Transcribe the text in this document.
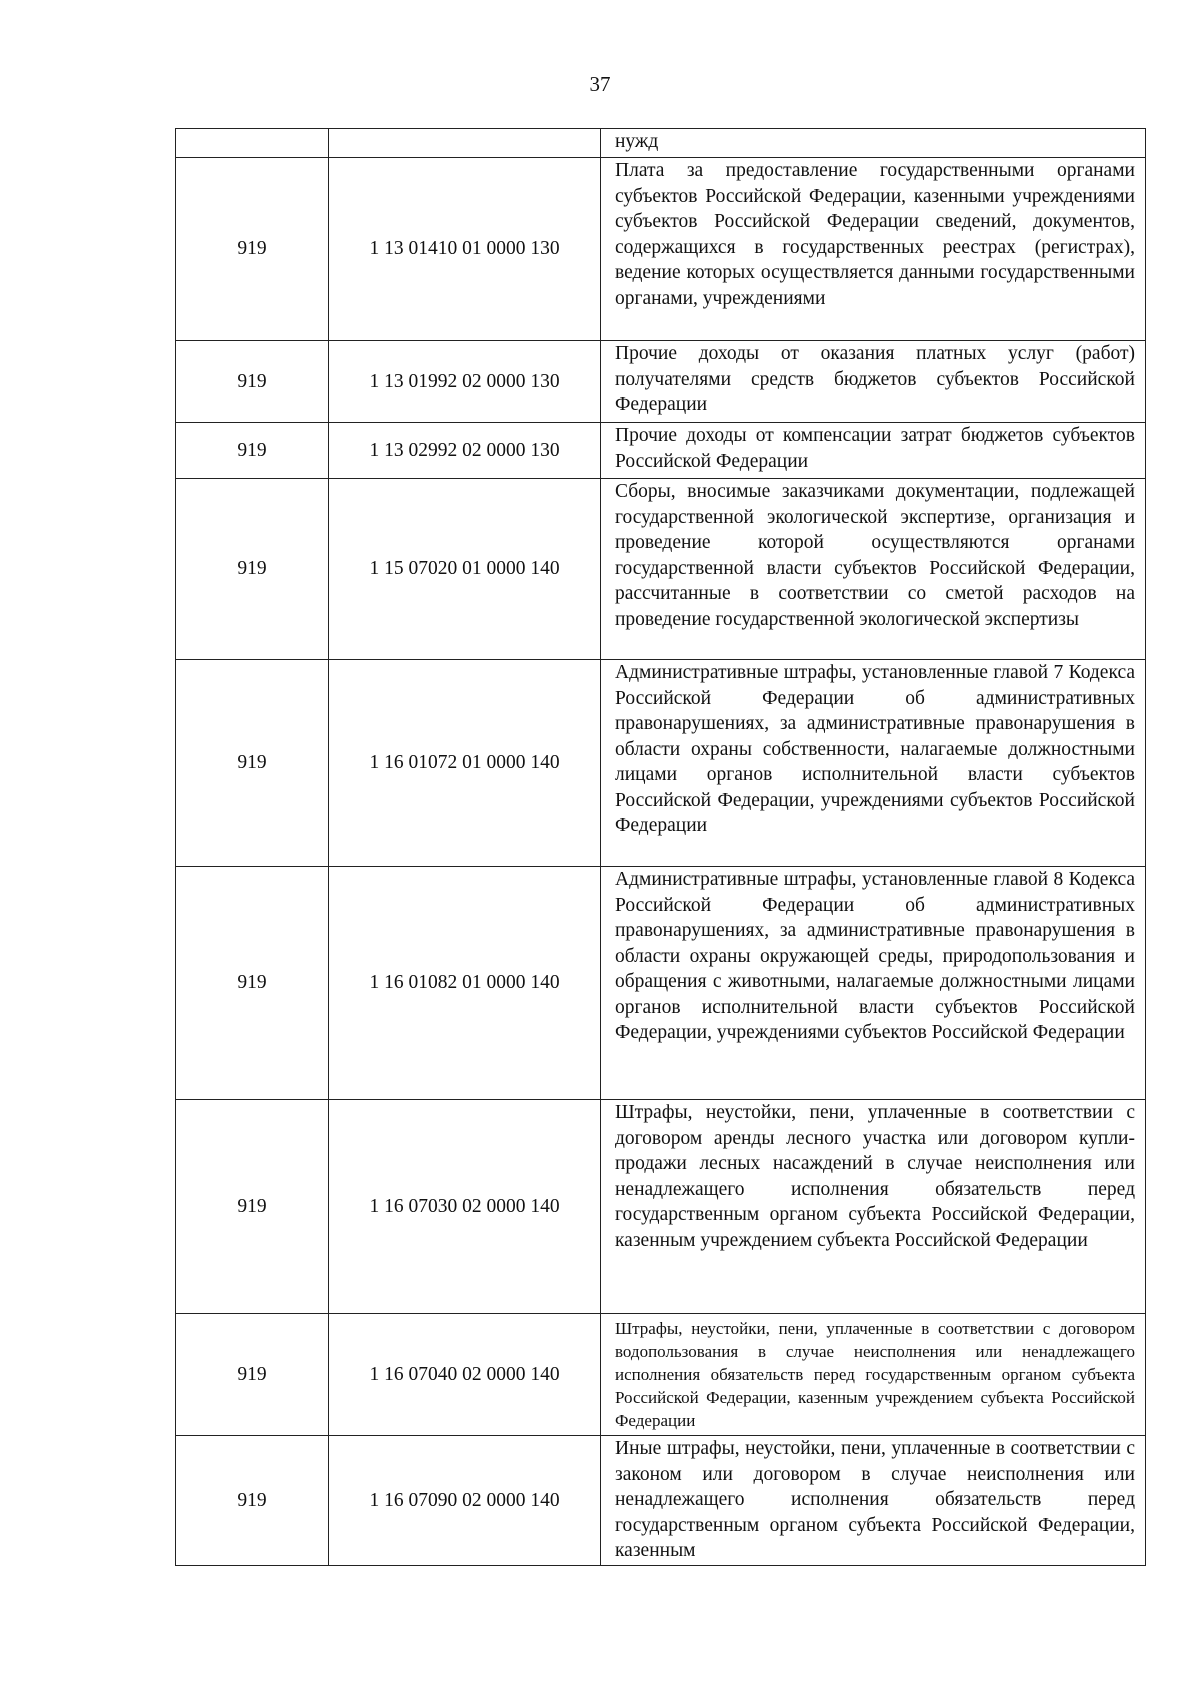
37
		нужд
919	1 13 01410 01 0000 130	Плата за предоставление государственными органами субъектов Российской Федерации, казенными учреждениями субъектов Российской Федерации сведений, документов, содержащихся в государственных реестрах (регистрах), ведение которых осуществляется данными государственными органами, учреждениями
919	1 13 01992 02 0000 130	Прочие доходы от оказания платных услуг (работ) получателями средств бюджетов субъектов Российской Федерации
919	1 13 02992 02 0000 130	Прочие доходы от компенсации затрат бюджетов субъектов Российской Федерации
919	1 15 07020 01 0000 140	Сборы, вносимые заказчиками документации, подлежащей государственной экологической экспертизе, организация и проведение которой осуществляются органами государственной власти субъектов Российской Федерации, рассчитанные в соответствии со сметой расходов на проведение государственной экологической экспертизы
919	1 16 01072 01 0000 140	Административные штрафы, установленные главой 7 Кодекса Российской Федерации об административных правонарушениях, за административные правонарушения в области охраны собственности, налагаемые должностными лицами органов исполнительной власти субъектов Российской Федерации, учреждениями субъектов Российской Федерации
919	1 16 01082 01 0000 140	Административные штрафы, установленные главой 8 Кодекса Российской Федерации об административных правонарушениях, за административные правонарушения в области охраны окружающей среды, природопользования и обращения с животными, налагаемые должностными лицами органов исполнительной власти субъектов Российской Федерации, учреждениями субъектов Российской Федерации
919	1 16 07030 02 0000 140	Штрафы, неустойки, пени, уплаченные в соответствии с договором аренды лесного участка или договором купли-продажи лесных насаждений в случае неисполнения или ненадлежащего исполнения обязательств перед государственным органом субъекта Российской Федерации, казенным учреждением субъекта Российской Федерации
919	1 16 07040 02 0000 140	Штрафы, неустойки, пени, уплаченные в соответствии с договором водопользования в случае неисполнения или ненадлежащего исполнения обязательств перед государственным органом субъекта Российской Федерации, казенным учреждением субъекта Российской Федерации
919	1 16 07090 02 0000 140	Иные штрафы, неустойки, пени, уплаченные в соответствии с законом или договором в случае неисполнения или ненадлежащего исполнения обязательств перед государственным органом субъекта Российской Федерации, казенным
